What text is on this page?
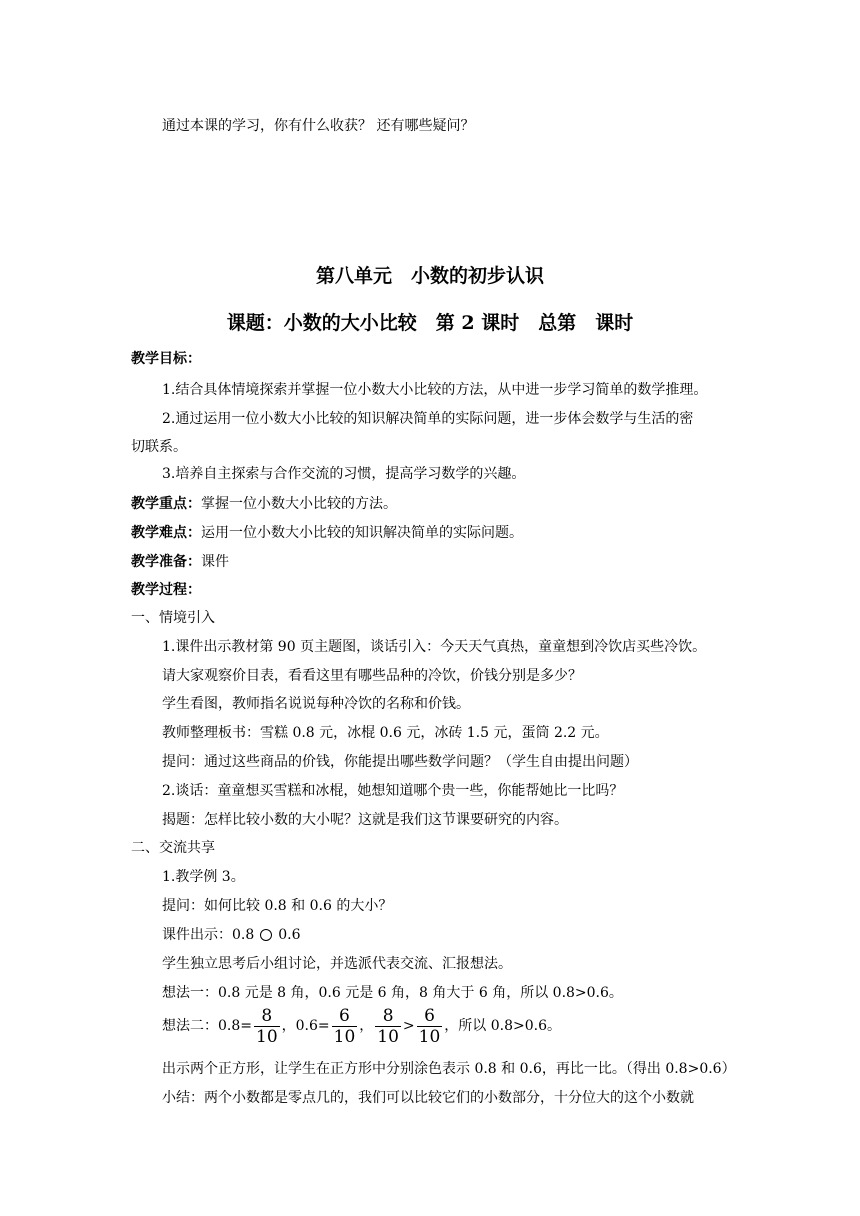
通过本课的学习，你有什么收获？ 还有哪些疑问？
第八单元　小数的初步认识
课题：小数的大小比较　第 2 课时　总第　课时
教学目标：
1.结合具体情境探索并掌握一位小数大小比较的方法，从中进一步学习简单的数学推理。
2.通过运用一位小数大小比较的知识解决简单的实际问题，进一步体会数学与生活的密
切联系。
3.培养自主探索与合作交流的习惯，提高学习数学的兴趣。
教学重点：掌握一位小数大小比较的方法。
教学难点：运用一位小数大小比较的知识解决简单的实际问题。
教学准备：课件
教学过程：
一、情境引入
1.课件出示教材第 90 页主题图，谈话引入：今天天气真热，童童想到冷饮店买些冷饮。
请大家观察价目表，看看这里有哪些品种的冷饮，价钱分别是多少？
学生看图，教师指名说说每种冷饮的名称和价钱。
教师整理板书：雪糕 0.8 元，冰棍 0.6 元，冰砖 1.5 元，蛋筒 2.2 元。
提问：通过这些商品的价钱，你能提出哪些数学问题？（学生自由提出问题）
2.谈话：童童想买雪糕和冰棍，她想知道哪个贵一些，你能帮她比一比吗？
揭题：怎样比较小数的大小呢？这就是我们这节课要研究的内容。
二、交流共享
1.教学例 3。
提问：如何比较 0.8 和 0.6 的大小？
课件出示：0.8 0.6
学生独立思考后小组讨论，并选派代表交流、汇报想法。
想法一：0.8 元是 8 角，0.6 元是 6 角，8 角大于 6 角，所以 0.8>0.6。
想法二：$0.8= \frac{8}{10}$ ，$0.6= \frac{6}{10}$ ， $\frac{8}{10} > \frac{6}{10}$ ，所以 0.8>0.6。
出示两个正方形，让学生在正方形中分别涂色表示 0.8 和 0.6，再比一比。（得出 0.8>0.6）
小结：两个小数都是零点几的，我们可以比较它们的小数部分，十分位大的这个小数就
